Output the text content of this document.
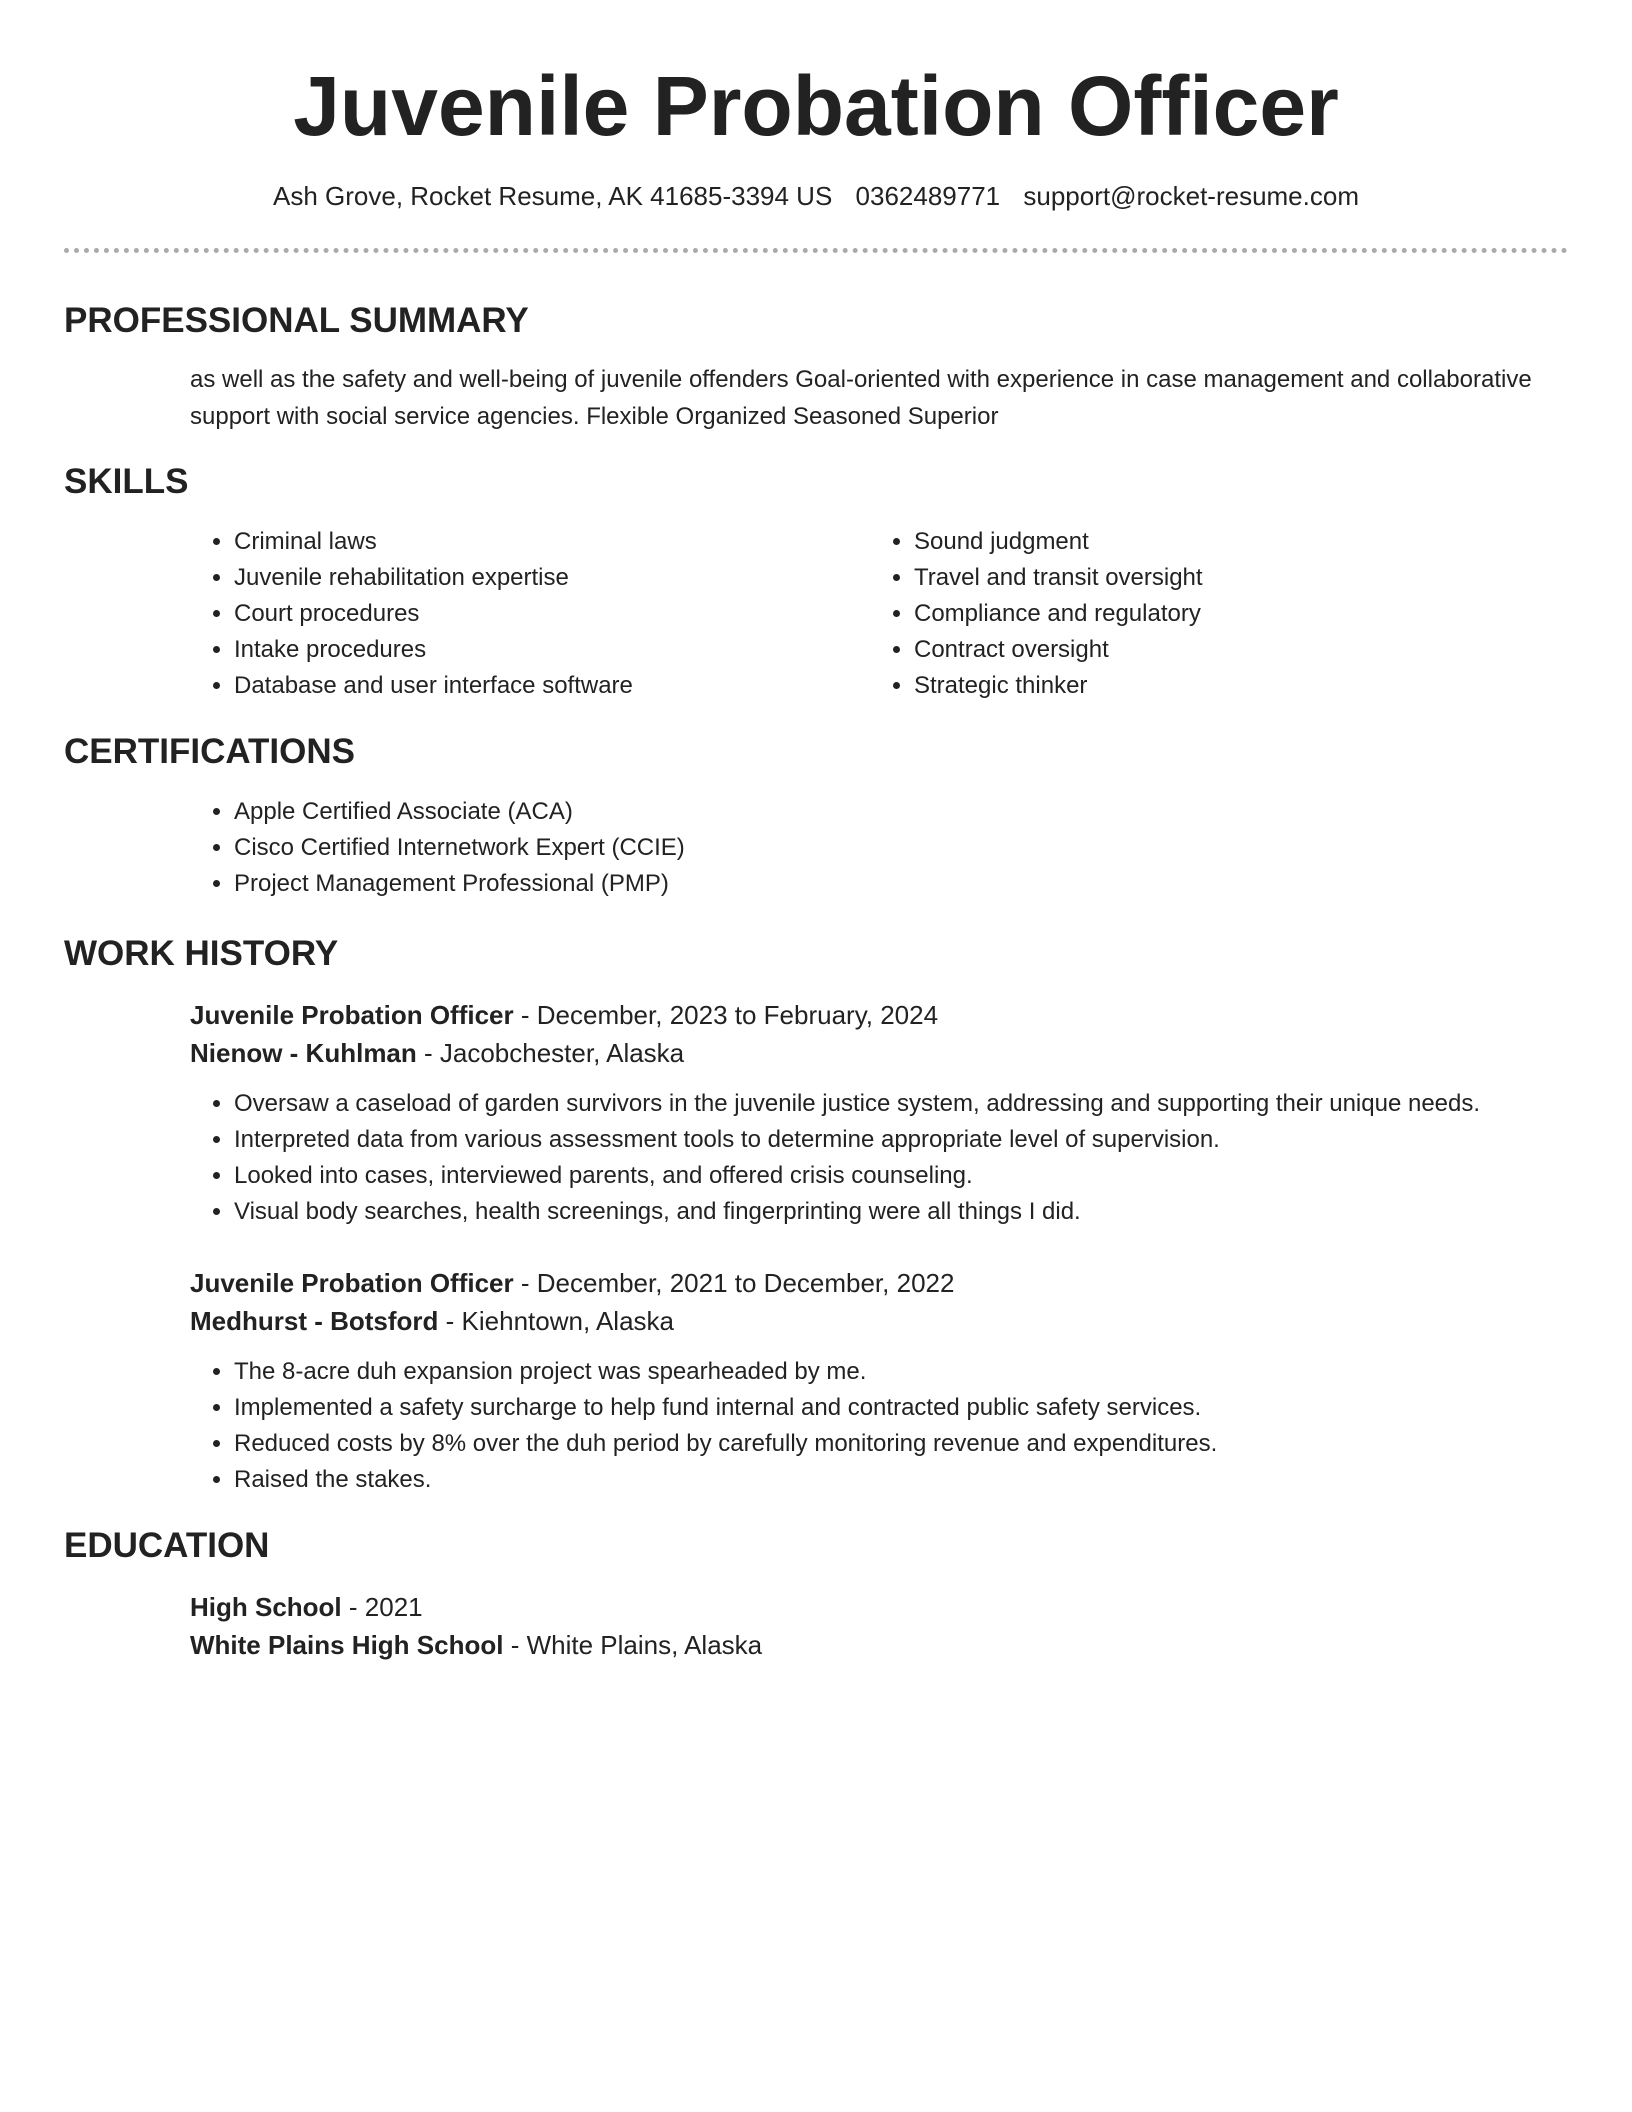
Juvenile Probation Officer
Ash Grove, Rocket Resume, AK 41685-3394 US 0362489771 support@rocket-resume.com
PROFESSIONAL SUMMARY
as well as the safety and well-being of juvenile offenders Goal-oriented with experience in case management and collaborative support with social service agencies. Flexible Organized Seasoned Superior
SKILLS
• Criminal laws
• Juvenile rehabilitation expertise
• Court procedures
• Intake procedures
• Database and user interface software
• Sound judgment
• Travel and transit oversight
• Compliance and regulatory
• Contract oversight
• Strategic thinker
CERTIFICATIONS
• Apple Certified Associate (ACA)
• Cisco Certified Internetwork Expert (CCIE)
• Project Management Professional (PMP)
WORK HISTORY
Juvenile Probation Officer - December, 2023 to February, 2024
Nienow - Kuhlman - Jacobchester, Alaska
• Oversaw a caseload of garden survivors in the juvenile justice system, addressing and supporting their unique needs.
• Interpreted data from various assessment tools to determine appropriate level of supervision.
• Looked into cases, interviewed parents, and offered crisis counseling.
• Visual body searches, health screenings, and fingerprinting were all things I did.
Juvenile Probation Officer - December, 2021 to December, 2022
Medhurst - Botsford - Kiehntown, Alaska
• The 8-acre duh expansion project was spearheaded by me.
• Implemented a safety surcharge to help fund internal and contracted public safety services.
• Reduced costs by 8% over the duh period by carefully monitoring revenue and expenditures.
• Raised the stakes.
EDUCATION
High School - 2021
White Plains High School - White Plains, Alaska
